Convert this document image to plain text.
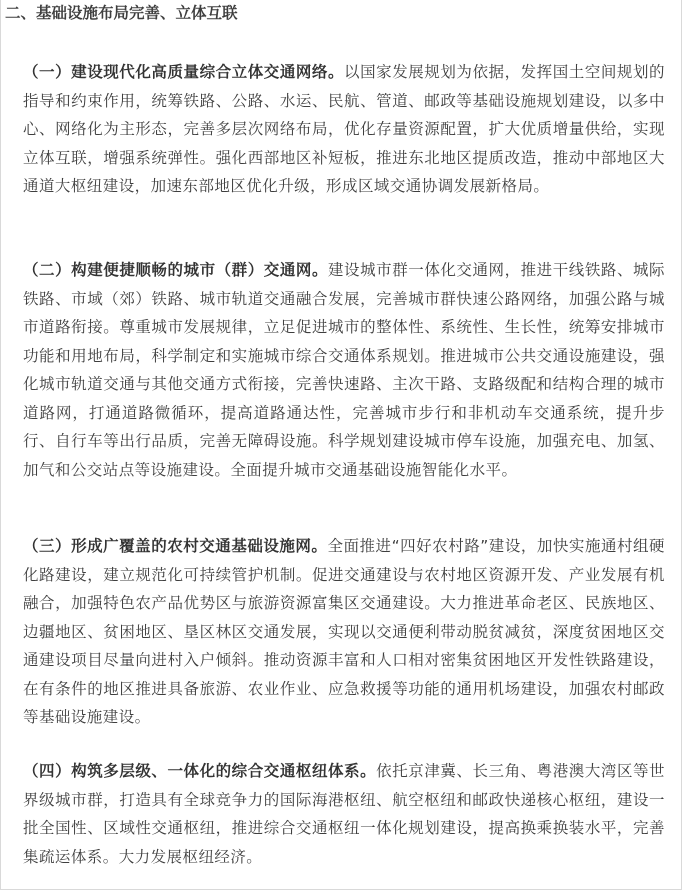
二、基础设施布局完善、立体互联

（一）建设现代化高质量综合立体交通网络。以国家发展规划为依据，发挥国土空间规划的指导和约束作用，统筹铁路、公路、水运、民航、管道、邮政等基础设施规划建设，以多中心、网络化为主形态，完善多层次网络布局，优化存量资源配置，扩大优质增量供给，实现立体互联，增强系统弹性。强化西部地区补短板，推进东北地区提质改造，推动中部地区大通道大枢纽建设，加速东部地区优化升级，形成区域交通协调发展新格局。

（二）构建便捷顺畅的城市（群）交通网。建设城市群一体化交通网，推进干线铁路、城际铁路、市域（郊）铁路、城市轨道交通融合发展，完善城市群快速公路网络，加强公路与城市道路衔接。尊重城市发展规律，立足促进城市的整体性、系统性、生长性，统筹安排城市功能和用地布局，科学制定和实施城市综合交通体系规划。推进城市公共交通设施建设，强化城市轨道交通与其他交通方式衔接，完善快速路、主次干路、支路级配和结构合理的城市道路网，打通道路微循环，提高道路通达性，完善城市步行和非机动车交通系统，提升步行、自行车等出行品质，完善无障碍设施。科学规划建设城市停车设施，加强充电、加氢、加气和公交站点等设施建设。全面提升城市交通基础设施智能化水平。

（三）形成广覆盖的农村交通基础设施网。全面推进“四好农村路”建设，加快实施通村组硬化路建设，建立规范化可持续管护机制。促进交通建设与农村地区资源开发、产业发展有机融合，加强特色农产品优势区与旅游资源富集区交通建设。大力推进革命老区、民族地区、边疆地区、贫困地区、垦区林区交通发展，实现以交通便利带动脱贫减贫，深度贫困地区交通建设项目尽量向进村入户倾斜。推动资源丰富和人口相对密集贫困地区开发性铁路建设，在有条件的地区推进具备旅游、农业作业、应急救援等功能的通用机场建设，加强农村邮政等基础设施建设。

（四）构筑多层级、一体化的综合交通枢纽体系。依托京津冀、长三角、粤港澳大湾区等世界级城市群，打造具有全球竞争力的国际海港枢纽、航空枢纽和邮政快递核心枢纽，建设一批全国性、区域性交通枢纽，推进综合交通枢纽一体化规划建设，提高换乘换装水平，完善集疏运体系。大力发展枢纽经济。
